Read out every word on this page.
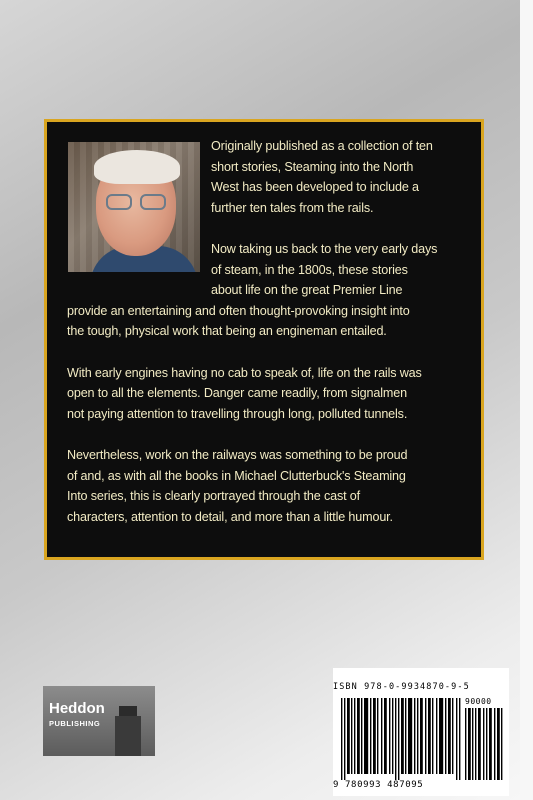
Originally published as a collection of ten
short stories, Steaming into the North
West has been developed to include a
further ten tales from the rails.

Now taking us back to the very early days
of steam, in the 1800s, these stories
about life on the great Premier Line
provide an entertaining and often thought-provoking insight into
the tough, physical work that being an engineman entailed.

With early engines having no cab to speak of, life on the rails was
open to all the elements. Danger came readily, from signalmen
not paying attention to travelling through long, polluted tunnels.

Nevertheless, work on the railways was something to be proud
of and, as with all the books in Michael Clutterbuck's Steaming
Into series, this is clearly portrayed through the cast of
characters, attention to detail, and more than a little humour.

Heddon
PUBLISHING
ISBN 978-0-9934870-9-5
90000
9 780993 487095
